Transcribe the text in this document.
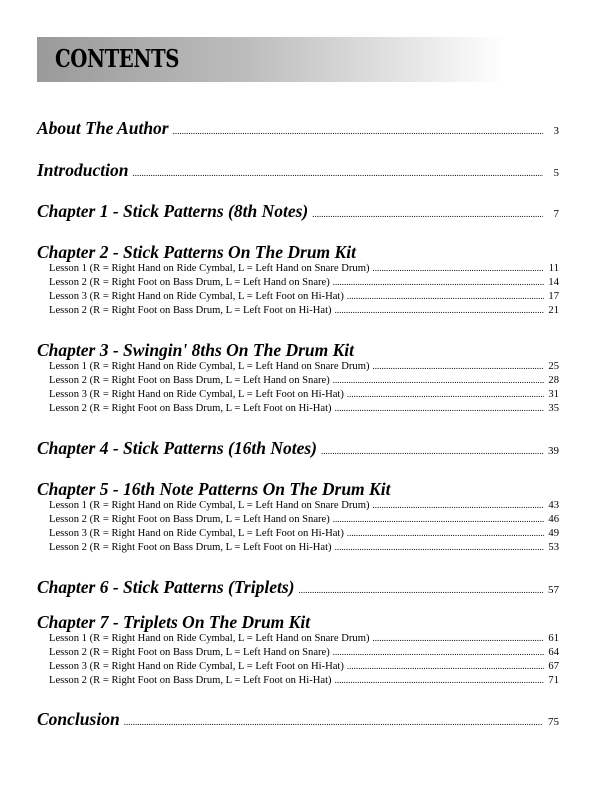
CONTENTS
About The Author .....	3
Introduction .....	5
Chapter 1 - Stick Patterns (8th Notes) .....	7
Chapter 2 - Stick Patterns On The Drum Kit
Lesson 1 (R = Right Hand on Ride Cymbal, L = Left Hand on Snare Drum) .....	11
Lesson 2 (R = Right Foot on Bass Drum, L = Left Hand on Snare) .....	14
Lesson 3 (R = Right Hand on Ride Cymbal, L = Left Foot on Hi-Hat) .....	17
Lesson 2 (R = Right Foot on Bass Drum, L = Left Foot on Hi-Hat) .....	21
Chapter 3 - Swingin' 8ths On The Drum Kit
Lesson 1 (R = Right Hand on Ride Cymbal, L = Left Hand on Snare Drum) .....	25
Lesson 2 (R = Right Foot on Bass Drum, L = Left Hand on Snare) .....	28
Lesson 3 (R = Right Hand on Ride Cymbal, L = Left Foot on Hi-Hat) .....	31
Lesson 2 (R = Right Foot on Bass Drum, L = Left Foot on Hi-Hat) .....	35
Chapter 4 - Stick Patterns (16th Notes) .....	39
Chapter 5 - 16th Note Patterns On The Drum Kit
Lesson 1 (R = Right Hand on Ride Cymbal, L = Left Hand on Snare Drum) .....	43
Lesson 2 (R = Right Foot on Bass Drum, L = Left Hand on Snare) .....	46
Lesson 3 (R = Right Hand on Ride Cymbal, L = Left Foot on Hi-Hat) .....	49
Lesson 2 (R = Right Foot on Bass Drum, L = Left Foot on Hi-Hat) .....	53
Chapter 6 - Stick Patterns (Triplets) .....	57
Chapter 7 - Triplets On The Drum Kit
Lesson 1 (R = Right Hand on Ride Cymbal, L = Left Hand on Snare Drum) .....	61
Lesson 2 (R = Right Foot on Bass Drum, L = Left Hand on Snare) .....	64
Lesson 3 (R = Right Hand on Ride Cymbal, L = Left Foot on Hi-Hat) .....	67
Lesson 2 (R = Right Foot on Bass Drum, L = Left Foot on Hi-Hat) .....	71
Conclusion .....	75
